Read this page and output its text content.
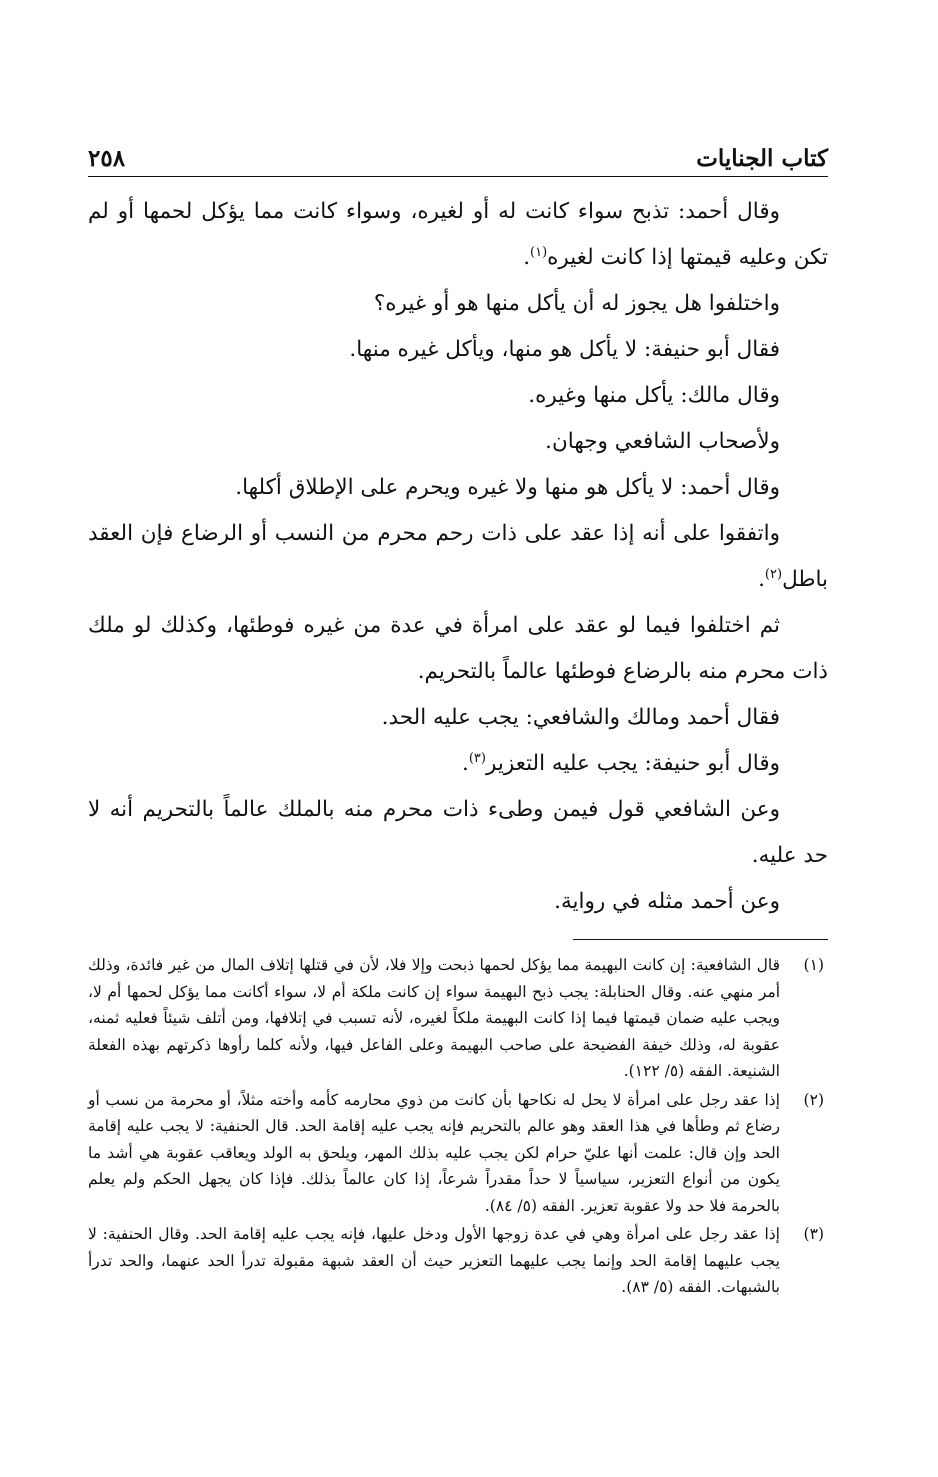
كتاب الجنايات
٢٥٨

وقال أحمد: تذبح سواء كانت له أو لغيره، وسواء كانت مما يؤكل لحمها أو لم تكن وعليه قيمتها إذا كانت لغيره$^{(١)}$.

واختلفوا هل يجوز له أن يأكل منها هو أو غيره؟

فقال أبو حنيفة: لا يأكل هو منها، ويأكل غيره منها.

وقال مالك: يأكل منها وغيره.

ولأصحاب الشافعي وجهان.

وقال أحمد: لا يأكل هو منها ولا غيره ويحرم على الإطلاق أكلها.

واتفقوا على أنه إذا عقد على ذات رحم محرم من النسب أو الرضاع فإن العقد باطل$^{(٢)}$.

ثم اختلفوا فيما لو عقد على امرأة في عدة من غيره فوطئها، وكذلك لو ملك ذات محرم منه بالرضاع فوطئها عالماً بالتحريم.

فقال أحمد ومالك والشافعي: يجب عليه الحد.

وقال أبو حنيفة: يجب عليه التعزير$^{(٣)}$.

وعن الشافعي قول فيمن وطىء ذات محرم منه بالملك عالماً بالتحريم أنه لا حد عليه.

وعن أحمد مثله في رواية.

(١)
قال الشافعية: إن كانت البهيمة مما يؤكل لحمها ذبحت وإلا فلا، لأن في قتلها إتلاف المال من غير فائدة، وذلك أمر منهي عنه. وقال الحنابلة: يجب ذبح البهيمة سواء إن كانت ملكة أم لا، سواء أكانت مما يؤكل لحمها أم لا، ويجب عليه ضمان قيمتها فيما إذا كانت البهيمة ملكاً لغيره، لأنه تسبب في إتلافها، ومن أتلف شيئاً فعليه ثمنه، عقوبة له، وذلك خيفة الفضيحة على صاحب البهيمة وعلى الفاعل فيها، ولأنه كلما رأوها ذكرتهم بهذه الفعلة الشنيعة. الفقه (٥/ ١٢٢).
(٢)
إذا عقد رجل على امرأة لا يحل له نكاحها بأن كانت من ذوي محارمه كأمه وأخته مثلاً، أو محرمة من نسب أو رضاع ثم وطأها في هذا العقد وهو عالم بالتحريم فإنه يجب عليه إقامة الحد. قال الحنفية: لا يجب عليه إقامة الحد وإن قال: علمت أنها عليّ حرام لكن يجب عليه بذلك المهر، ويلحق به الولد ويعاقب عقوبة هي أشد ما يكون من أنواع التعزير، سياسياً لا حداً مقدراً شرعاً، إذا كان عالماً بذلك. فإذا كان يجهل الحكم ولم يعلم بالحرمة فلا حد ولا عقوبة تعزير. الفقه (٥/ ٨٤).
(٣)
إذا عقد رجل على امرأة وهي في عدة زوجها الأول ودخل عليها، فإنه يجب عليه إقامة الحد. وقال الحنفية: لا يجب عليهما إقامة الحد وإنما يجب عليهما التعزير حيث أن العقد شبهة مقبولة تدرأ الحد عنهما، والحد تدرأ بالشبهات. الفقه (٥/ ٨٣).
